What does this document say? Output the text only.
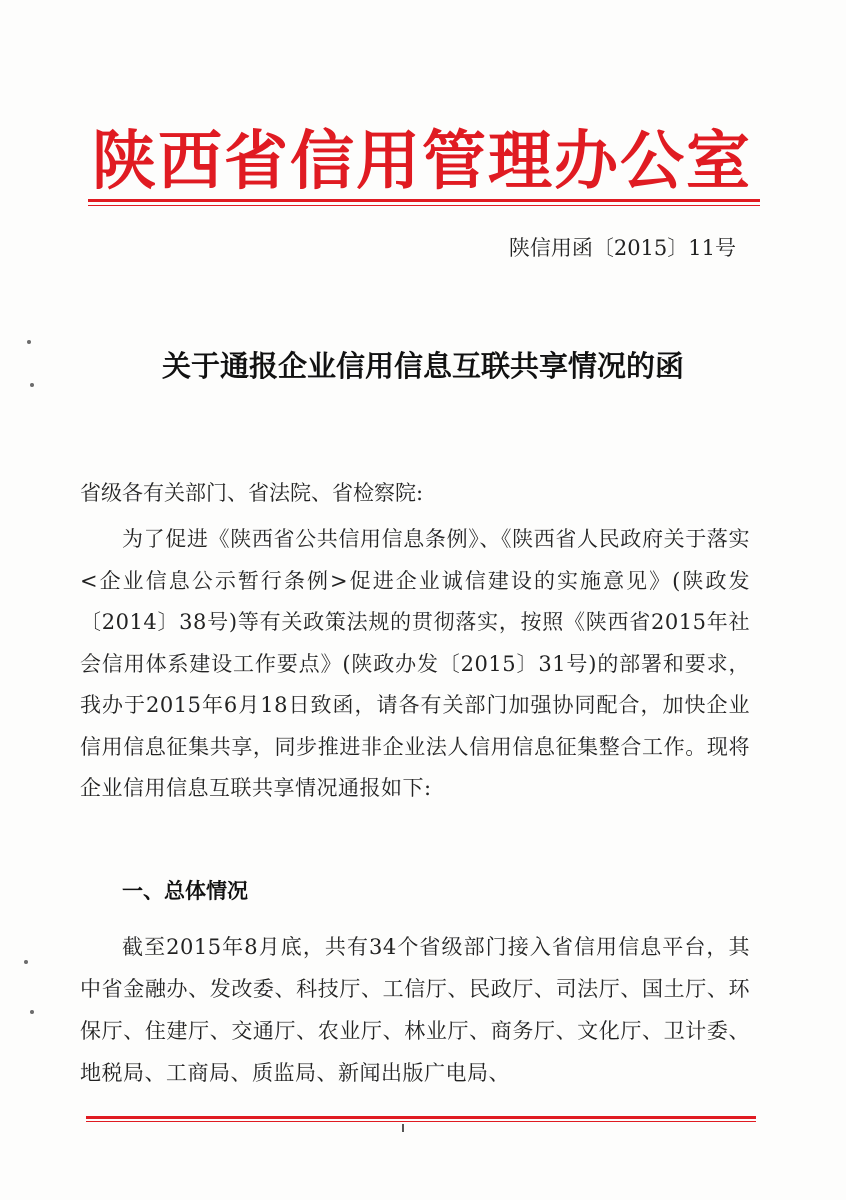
陕西省信用管理办公室
陕信用函〔2015〕11号
关于通报企业信用信息互联共享情况的函
省级各有关部门、省法院、省检察院:

为了促进《陕西省公共信用信息条例》、《陕西省人民政府关于落实<企业信息公示暂行条例>促进企业诚信建设的实施意见》(陕政发〔2014〕38号)等有关政策法规的贯彻落实，按照《陕西省2015年社会信用体系建设工作要点》(陕政办发〔2015〕31号)的部署和要求，我办于2015年6月18日致函，请各有关部门加强协同配合，加快企业信用信息征集共享，同步推进非企业法人信用信息征集整合工作。现将企业信用信息互联共享情况通报如下:

一、总体情况

截至2015年8月底，共有34个省级部门接入省信用信息平台，其中省金融办、发改委、科技厅、工信厅、民政厅、司法厅、国土厅、环保厅、住建厅、交通厅、农业厅、林业厅、商务厅、文化厅、卫计委、地税局、工商局、质监局、新闻出版广电局、
